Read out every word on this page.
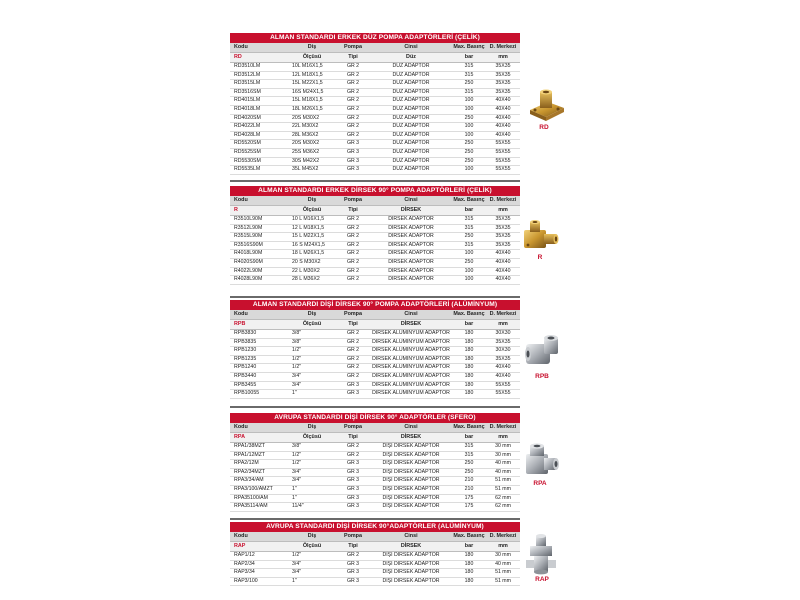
ALMAN STANDARDI ERKEK DÜZ POMPA ADAPTÖRLERİ (ÇELİK)
Kodu	Diş	Pompa	Cinsi	Max. Basınç	D. Merkezi
RD	Ölçüsü	Tipi	Düz	bar	mm
RD3510LM	10L M16X1,5	GR 2	DÜZ ADAPTÖR	315	35X35
RD3512LM	12L M18X1,5	GR 2	DÜZ ADAPTÖR	315	35X35
RD3515LM	15L M22X1,5	GR 2	DÜZ ADAPTÖR	250	35X35
RD3516SM	16S M24X1,5	GR 2	DÜZ ADAPTÖR	315	35X35
RD4015LM	15L M18X1,5	GR 2	DÜZ ADAPTÖR	100	40X40
RD4018LM	18L M26X1,5	GR 2	DÜZ ADAPTÖR	100	40X40
RD4020SM	20S M30X2	GR 2	DÜZ ADAPTÖR	250	40X40
RD4022LM	22L M30X2	GR 2	DÜZ ADAPTÖR	100	40X40
RD4028LM	28L M36X2	GR 2	DÜZ ADAPTÖR	100	40X40
RD5520SM	20S M30X2	GR 3	DÜZ ADAPTÖR	250	55X55
RD5525SM	25S M36X2	GR 3	DÜZ ADAPTÖR	250	55X55
RD5530SM	30S M42X2	GR 3	DÜZ ADAPTÖR	250	55X55
RD5535LM	35L M45X2	GR 3	DÜZ ADAPTÖR	100	55X55
ALMAN STANDARDI ERKEK DİRSEK 90° POMPA ADAPTÖRLERİ (ÇELİK)
Kodu	Diş	Pompa	Cinsi	Max. Basınç	D. Merkezi
R	Ölçüsü	Tipi	DİRSEK	bar	mm
R3510L90M	10 L M16X1,5	GR 2	DİRSEK ADAPTÖR	315	35X35
R3512L90M	12 L M18X1,5	GR 2	DİRSEK ADAPTÖR	315	35X35
R3515L90M	15 L M22X1,5	GR 2	DİRSEK ADAPTÖR	250	35X35
R3516S90M	16 S M24X1,5	GR 2	DİRSEK ADAPTÖR	315	35X35
R4018L90M	18 L M26X1,5	GR 2	DİRSEK ADAPTÖR	100	40X40
R4020S90M	20 S M30X2	GR 2	DİRSEK ADAPTÖR	250	40X40
R4022L90M	22 L M30X2	GR 2	DİRSEK ADAPTÖR	100	40X40
R4028L90M	28 L M36X2	GR 2	DİRSEK ADAPTÖR	100	40X40
ALMAN STANDARDI DİŞİ DİRSEK 90° POMPA ADAPTÖRLERİ (ALÜMİNYUM)
Kodu	Diş	Pompa	Cinsi	Max. Basınç	D. Merkezi
RPB	Ölçüsü	Tipi	DİRSEK	bar	mm
RPB3830	3/8"	GR 2	DİRSEK ALÜMİNYUM ADAPTÖR	180	30X30
RPB3835	3/8"	GR 2	DİRSEK ALÜMİNYUM ADAPTÖR	180	35X35
RPB1230	1/2"	GR 2	DİRSEK ALÜMİNYUM ADAPTÖR	180	30X30
RPB1235	1/2"	GR 2	DİRSEK ALÜMİNYUM ADAPTÖR	180	35X35
RPB1240	1/2"	GR 2	DİRSEK ALÜMİNYUM ADAPTÖR	180	40X40
RPB3440	3/4"	GR 2	DİRSEK ALÜMİNYUM ADAPTÖR	180	40X40
RPB3455	3/4"	GR 3	DİRSEK ALÜMİNYUM ADAPTÖR	180	55X55
RPB10055	1"	GR 3	DİRSEK ALÜMİNYUM ADAPTÖR	180	55X55
AVRUPA STANDARDI DİŞİ DİRSEK 90° ADAPTÖRLER (SFERO)
Kodu	Diş	Pompa	Cinsi	Max. Basınç	D. Merkezi
RPA	Ölçüsü	Tipi	DİRSEK	bar	mm
RPA1/38MZT	3/8"	GR 2	DİŞİ DİRSEK ADAPTÖR	315	30 mm
RPA1/12MZT	1/2"	GR 2	DİŞİ DİRSEK ADAPTÖR	315	30 mm
RPA2/12M	1/2"	GR 3	DİŞİ DİRSEK ADAPTÖR	250	40 mm
RPA2/34MZT	3/4"	GR 3	DİŞİ DİRSEK ADAPTÖR	250	40 mm
RPA3/34/AM	3/4"	GR 3	DİŞİ DİRSEK ADAPTÖR	210	51 mm
RPA3/100/AMZT	1"	GR 3	DİŞİ DİRSEK ADAPTÖR	210	51 mm
RPA35100/AM	1"	GR 3	DİŞİ DİRSEK ADAPTÖR	175	62 mm
RPA35114/AM	11/4"	GR 3	DİŞİ DİRSEK ADAPTÖR	175	62 mm
AVRUPA STANDARDI DİŞİ DİRSEK 90°ADAPTÖRLER (ALÜMİNYUM)
Kodu	Diş	Pompa	Cinsi	Max. Basınç	D. Merkezi
RAP	Ölçüsü	Tipi	DİRSEK	bar	mm
RAP1/12	1/2"	GR 2	DİŞİ DİRSEK ADAPTÖR	180	30 mm
RAP2/34	3/4"	GR 3	DİŞİ DİRSEK ADAPTÖR	180	40 mm
RAP3/34	3/4"	GR 3	DİŞİ DİRSEK ADAPTÖR	180	51 mm
RAP3/100	1"	GR 3	DİŞİ DİRSEK ADAPTÖR	180	51 mm
RD
R
RPB
RPA
RAP
